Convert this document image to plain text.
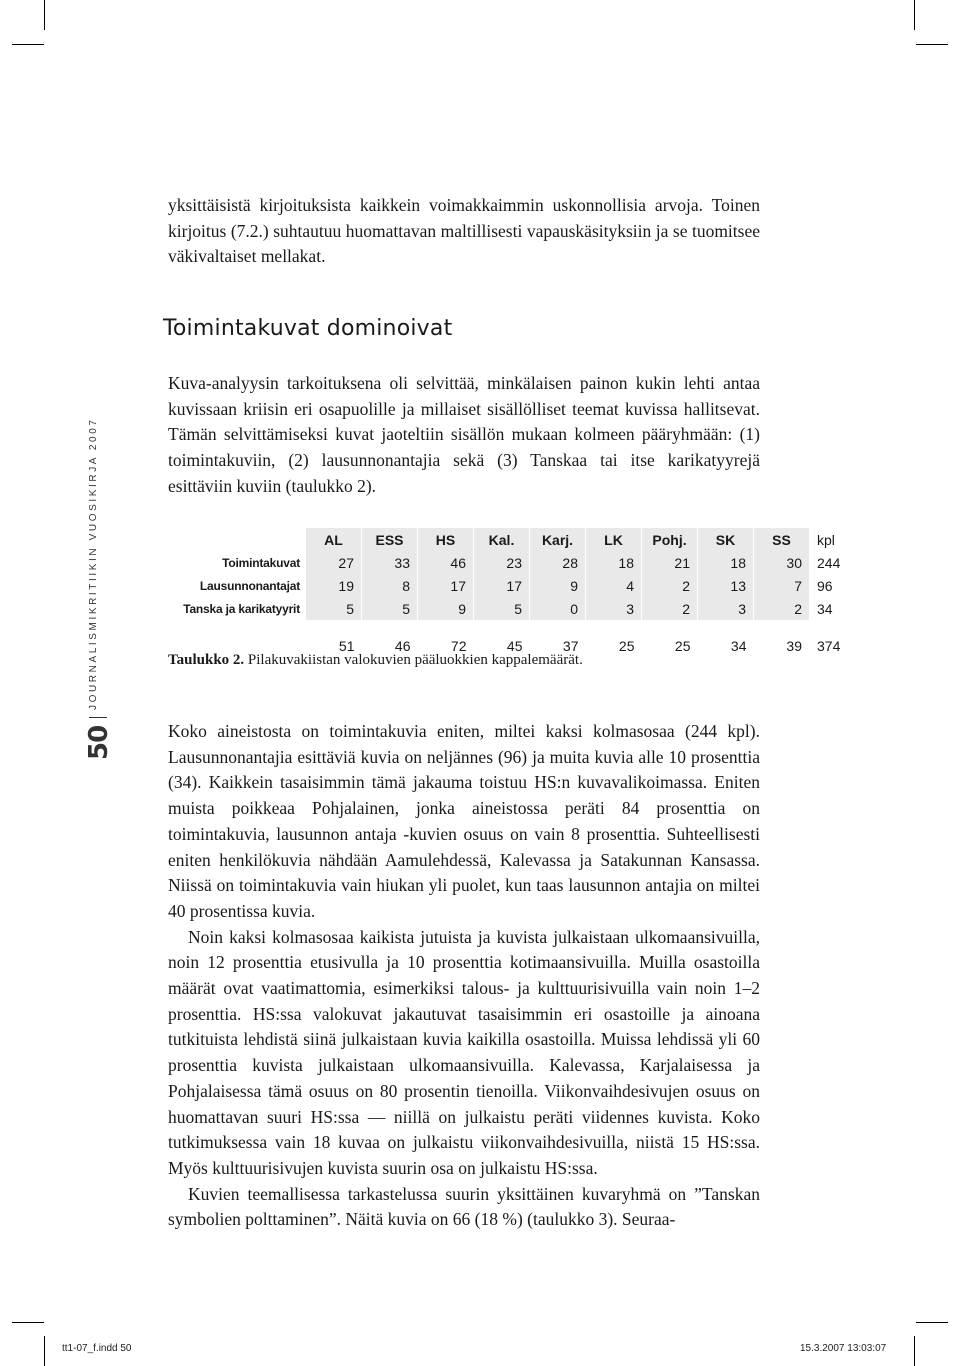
yksittäisistä kirjoituksista kaikkein voimakkaimmin uskonnollisia arvoja. Toinen kirjoitus (7.2.) suhtautuu huomattavan maltillisesti vapauskäsityksiin ja se tuomitsee väkivaltaiset mellakat.

Toimintakuvat dominoivat

Kuva-analyysin tarkoituksena oli selvittää, minkälaisen painon kukin lehti antaa kuvissaan kriisin eri osapuolille ja millaiset sisällölliset teemat kuvissa hallitsevat. Tämän selvittämiseksi kuvat jaoteltiin sisällön mukaan kolmeen pääryhmään: (1) toimintakuviin, (2) lausunnonantajia sekä (3) Tanskaa tai itse karikatyyrejä esittäviin kuviin (taulukko 2).

	AL	ESS	HS	Kal.	Karj.	LK	Pohj.	SK	SS	kpl
Toimintakuvat	27	33	46	23	28	18	21	18	30	244
Lausunnonantajat	19	8	17	17	9	4	2	13	7	96
Tanska ja karikatyyrit	5	5	9	5	0	3	2	3	2	34

	51	46	72	45	37	25	25	34	39	374

Taulukko 2. Pilakuvakiistan valokuvien pääluokkien kappalemäärät.

Koko aineistosta on toimintakuvia eniten, miltei kaksi kolmasosaa (244 kpl). Lausunnonantajia esittäviä kuvia on neljännes (96) ja muita kuvia alle 10 prosenttia (34). Kaikkein tasaisimmin tämä jakauma toistuu HS:n kuvavalikoimassa. Eniten muista poikkeaa Pohjalainen, jonka aineistossa peräti 84 prosenttia on toimintakuvia, lausunnon antaja -kuvien osuus on vain 8 prosenttia. Suhteellisesti eniten henkilökuvia nähdään Aamulehdessä, Kalevassa ja Satakunnan Kansassa. Niissä on toimintakuvia vain hiukan yli puolet, kun taas lausunnon antajia on miltei 40 prosentissa kuvia.

Noin kaksi kolmasosaa kaikista jutuista ja kuvista julkaistaan ulkomaansivuilla, noin 12 prosenttia etusivulla ja 10 prosenttia kotimaansivuilla. Muilla osastoilla määrät ovat vaatimattomia, esimerkiksi talous- ja kulttuurisivuilla vain noin 1–2 prosenttia. HS:ssa valokuvat jakautuvat tasaisimmin eri osastoille ja ainoana tutkituista lehdistä siinä julkaistaan kuvia kaikilla osastoilla. Muissa lehdissä yli 60 prosenttia kuvista julkaistaan ulkomaansivuilla. Kalevassa, Karjalaisessa ja Pohjalaisessa tämä osuus on 80 prosentin tienoilla. Viikonvaihdesivujen osuus on huomattavan suuri HS:ssa — niillä on julkaistu peräti viidennes kuvista. Koko tutkimuksessa vain 18 kuvaa on julkaistu viikonvaihdesivuilla, niistä 15 HS:ssa. Myös kulttuurisivujen kuvista suurin osa on julkaistu HS:ssa.

Kuvien teemallisessa tarkastelussa suurin yksittäinen kuvaryhmä on ”Tanskan symbolien polttaminen”. Näitä kuvia on 66 (18 %) (taulukko 3). Seuraa-

JOURNALISMIKRITIIKIN VUOSIKIRJA 2007
50
tt1-07_f.indd 50	15.3.2007 13:03:07
